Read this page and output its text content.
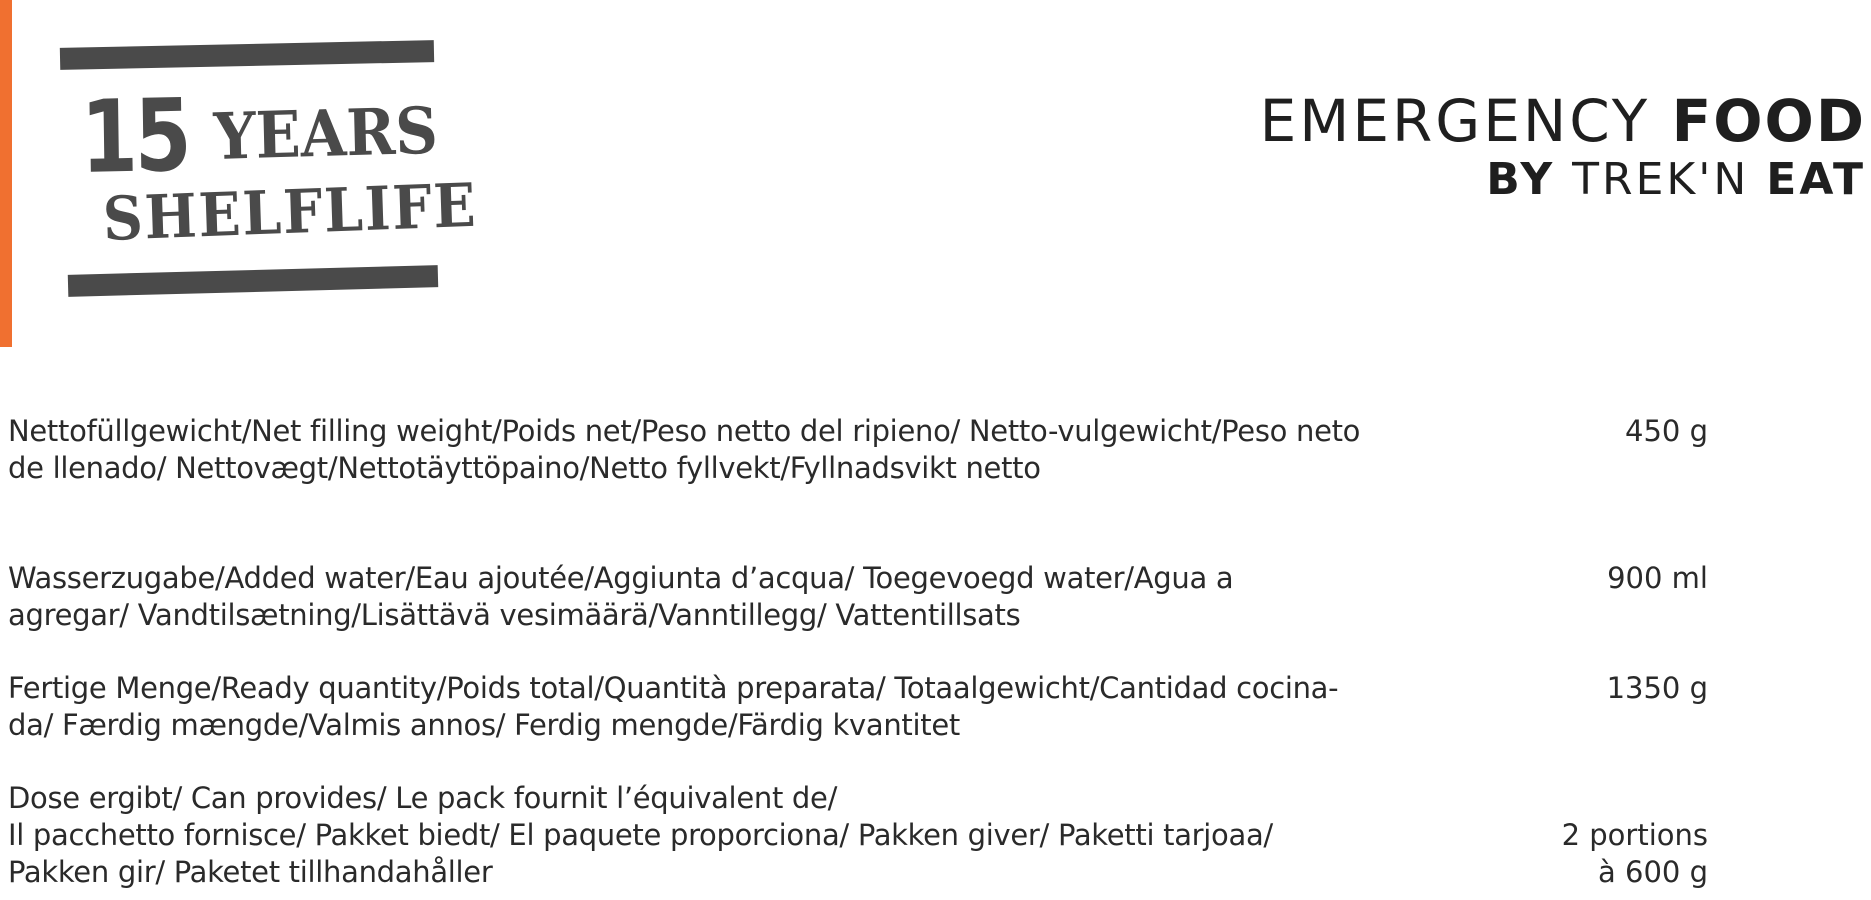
15 YEARS
SHELFLIFE
EMERGENCY FOOD
BY TREK'N EAT
Nettofüllgewicht/Net filling weight/Poids net/Peso netto del ripieno/ Netto-vulgewicht/Peso neto
de llenado/ Nettovægt/Nettotäyttöpaino/Netto fyllvekt/Fyllnadsvikt netto
450 g
Wasserzugabe/Added water/Eau ajoutée/Aggiunta d’acqua/ Toegevoegd water/Agua a
agregar/ Vandtilsætning/Lisättävä vesimäärä/Vanntillegg/ Vattentillsats
900 ml
Fertige Menge/Ready quantity/Poids total/Quantità preparata/ Totaalgewicht/Cantidad cocina-
da/ Færdig mængde/Valmis annos/ Ferdig mengde/Färdig kvantitet
1350 g
Dose ergibt/ Can provides/ Le pack fournit l’équivalent de/
Il pacchetto fornisce/ Pakket biedt/ El paquete proporciona/ Pakken giver/ Paketti tarjoaa/
Pakken gir/ Paketet tillhandahåller
2 portions
à 600 g
